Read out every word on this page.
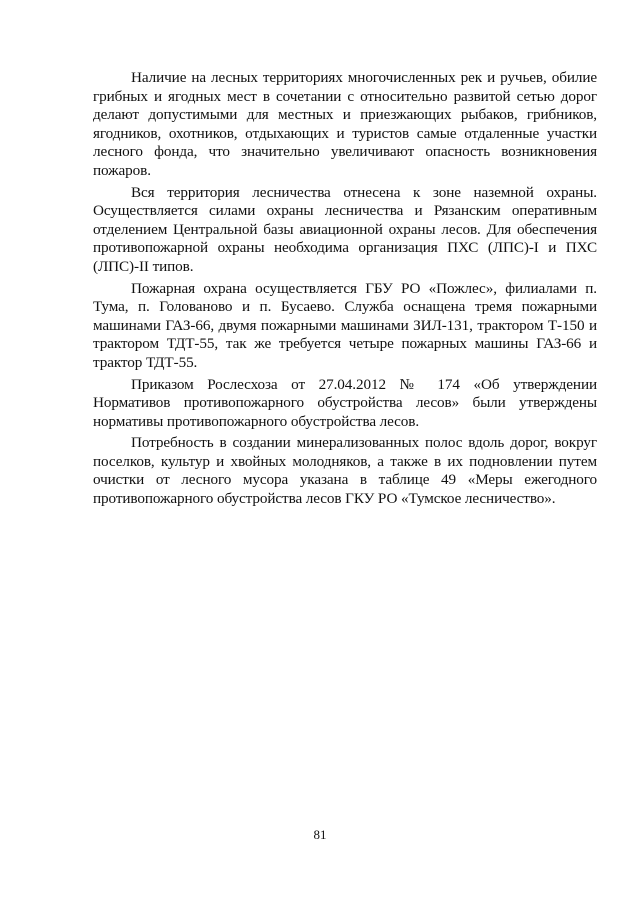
Наличие на лесных территориях многочисленных рек и ручьев, обилие грибных и ягодных мест в сочетании с относительно развитой сетью дорог делают допустимыми для местных и приезжающих рыбаков, грибников, ягодников, охотников, отдыхающих и туристов самые отдаленные участки лесного фонда, что значительно увеличивают опасность возникновения пожаров.

Вся территория лесничества отнесена к зоне наземной охраны. Осуществляется силами охраны лесничества и Рязанским оперативным отделением Центральной базы авиационной охраны лесов. Для обеспечения противопожарной охраны необходима организация ПХС (ЛПС)-I и ПХС (ЛПС)-II типов.

Пожарная охрана осуществляется ГБУ РО «Пожлес», филиалами п. Тума, п. Голованово и п. Бусаево. Служба оснащена тремя пожарными машинами ГАЗ-66, двумя пожарными машинами ЗИЛ-131, трактором Т-150 и трактором ТДТ-55, так же требуется четыре пожарных машины ГАЗ-66 и трактор ТДТ-55.

Приказом Рослесхоза от 27.04.2012 № 174 «Об утверждении Нормативов противопожарного обустройства лесов» были утверждены нормативы противопожарного обустройства лесов.

Потребность в создании минерализованных полос вдоль дорог, вокруг поселков, культур и хвойных молодняков, а также в их подновлении путем очистки от лесного мусора указана в таблице 49 «Меры ежегодного противопожарного обустройства лесов ГКУ РО «Тумское лесничество».

81
